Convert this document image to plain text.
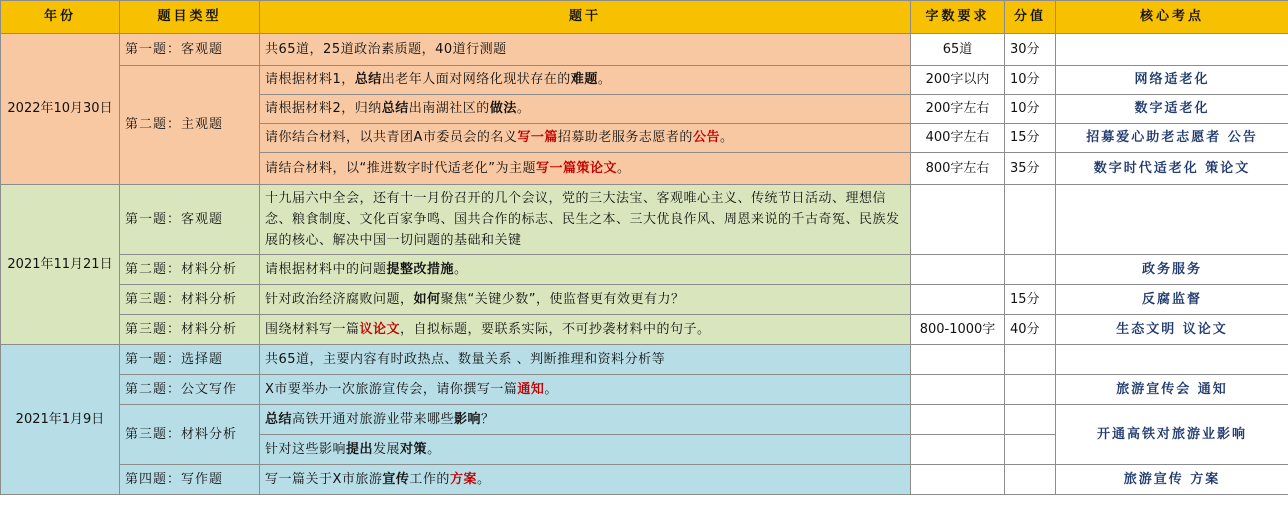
年份	题目类型	题干	字数要求	分值	核心考点
2022年10月30日	第一题：客观题	共65道，25道政治素质题，40道行测题	65道	30分	
	第二题：主观题	请根据材料1，总结出老年人面对网络化现状存在的难题。	200字以内	10分	网络适老化
		请根据材料2，归纳总结出南湖社区的做法。	200字左右	10分	数字适老化
		请你结合材料，以共青团A市委员会的名义写一篇招募助老服务志愿者的公告。	400字左右	15分	招募爱心助老志愿者 公告
		请结合材料，以“推进数字时代适老化”为主题写一篇策论文。	800字左右	35分	数字时代适老化 策论文
2021年11月21日	第一题：客观题	十九届六中全会，还有十一月份召开的几个会议，党的三大法宝、客观唯心主义、传统节日活动、理想信念、粮食制度、文化百家争鸣、国共合作的标志、民生之本、三大优良作风、周恩来说的千古奇冤、民族发展的核心、解决中国一切问题的基础和关键			
	第二题：材料分析	请根据材料中的问题提整改措施。			政务服务
	第三题：材料分析	针对政治经济腐败问题，如何聚焦“关键少数”，使监督更有效更有力？		15分	反腐监督
	第三题：材料分析	围绕材料写一篇议论文，自拟标题，要联系实际，不可抄袭材料中的句子。	800-1000字	40分	生态文明 议论文
2021年1月9日	第一题：选择题	共65道，主要内容有时政热点、数量关系 、判断推理和资料分析等			
	第二题：公文写作	X市要举办一次旅游宣传会，请你撰写一篇通知。			旅游宣传会 通知
	第三题：材料分析	总结高铁开通对旅游业带来哪些影响？			开通高铁对旅游业影响
		针对这些影响提出发展对策。			
	第四题：写作题	写一篇关于X市旅游宣传工作的方案。			旅游宣传 方案
